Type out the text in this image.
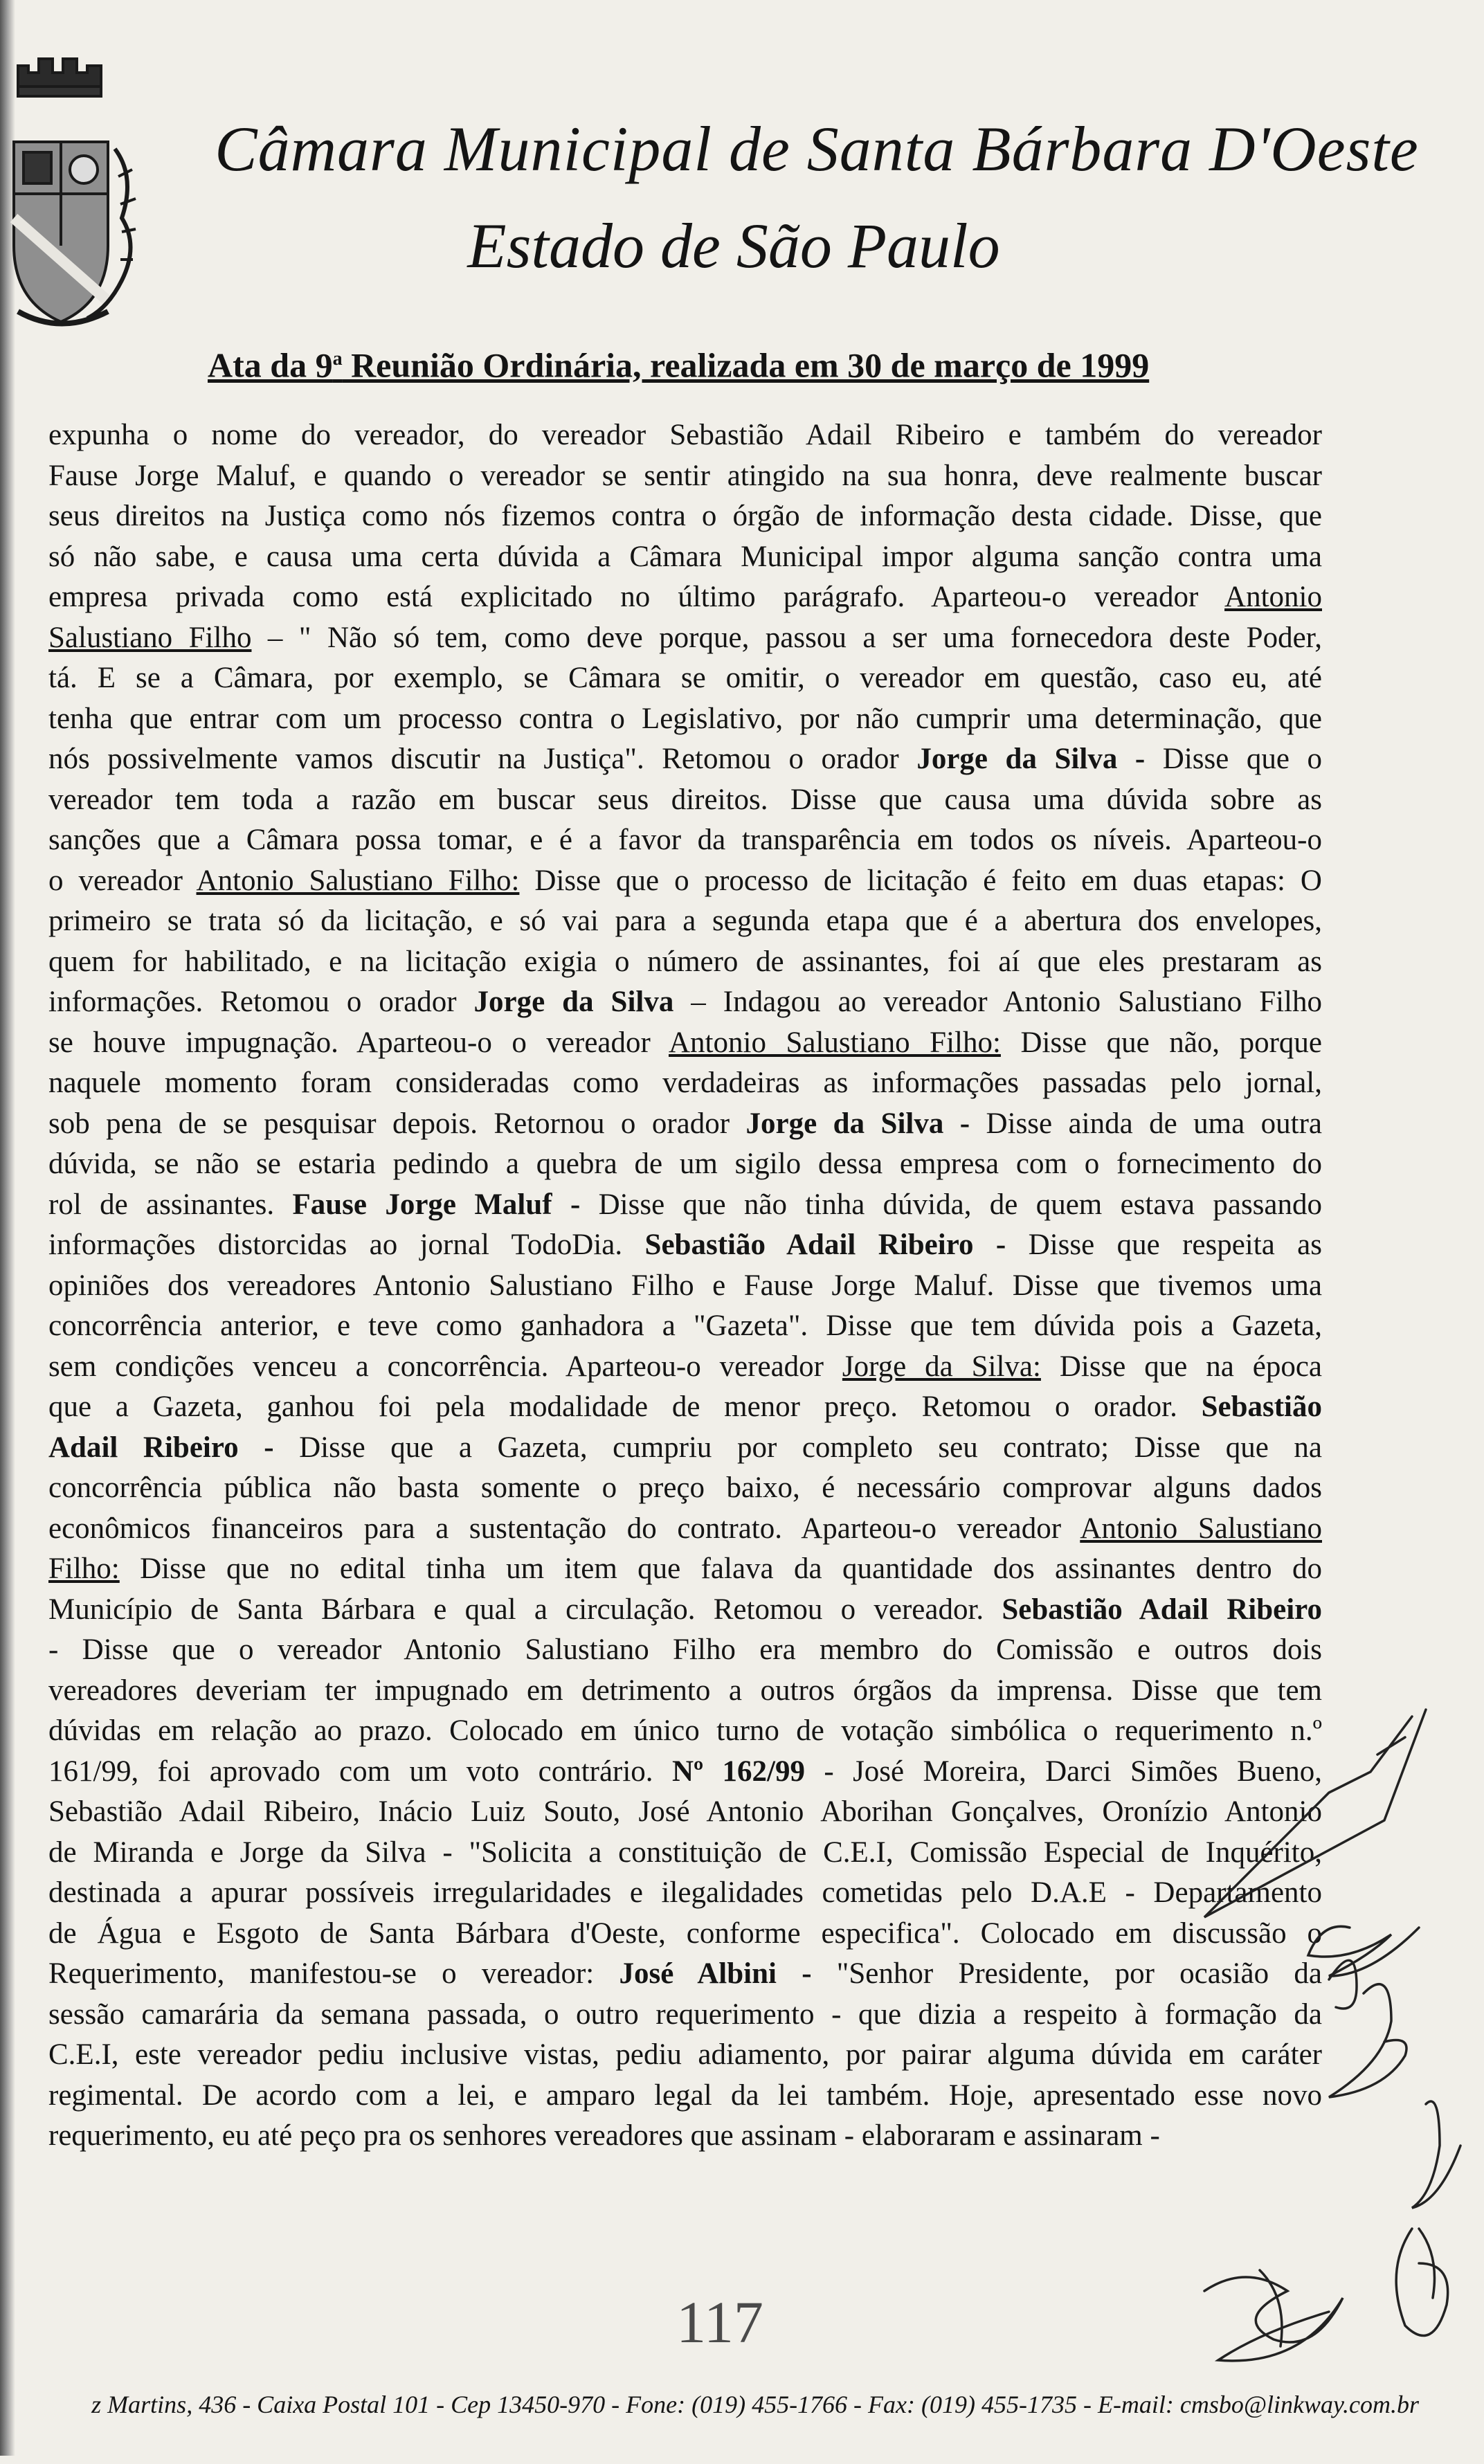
Câmara Municipal de Santa Bárbara D'Oeste
Estado de São Paulo
Ata da 9$^a$ Reunião Ordinária, realizada em 30 de março de 1999
expunha o nome do vereador, do vereador Sebastião Adail Ribeiro e também do vereador
Fause Jorge Maluf, e quando o vereador se sentir atingido na sua honra, deve realmente buscar
seus direitos na Justiça como nós fizemos contra o órgão de informação desta cidade. Disse, que
só não sabe, e causa uma certa dúvida a Câmara Municipal impor alguma sanção contra uma
empresa privada como está explicitado no último parágrafo. Aparteou-o vereador Antonio
Salustiano Filho – " Não só tem, como deve porque, passou a ser uma fornecedora deste Poder,
tá. E se a Câmara, por exemplo, se Câmara se omitir, o vereador em questão, caso eu, até
tenha que entrar com um processo contra o Legislativo, por não cumprir uma determinação, que
nós possivelmente vamos discutir na Justiça". Retomou o orador Jorge da Silva - Disse que o
vereador tem toda a razão em buscar seus direitos. Disse que causa uma dúvida sobre as
sanções que a Câmara possa tomar, e é a favor da transparência em todos os níveis. Aparteou-o
o vereador Antonio Salustiano Filho: Disse que o processo de licitação é feito em duas etapas: O
primeiro se trata só da licitação, e só vai para a segunda etapa que é a abertura dos envelopes,
quem for habilitado, e na licitação exigia o número de assinantes, foi aí que eles prestaram as
informações. Retomou o orador Jorge da Silva – Indagou ao vereador Antonio Salustiano Filho
se houve impugnação. Aparteou-o o vereador Antonio Salustiano Filho: Disse que não, porque
naquele momento foram consideradas como verdadeiras as informações passadas pelo jornal,
sob pena de se pesquisar depois. Retornou o orador Jorge da Silva - Disse ainda de uma outra
dúvida, se não se estaria pedindo a quebra de um sigilo dessa empresa com o fornecimento do
rol de assinantes. Fause Jorge Maluf - Disse que não tinha dúvida, de quem estava passando
informações distorcidas ao jornal TodoDia. Sebastião Adail Ribeiro - Disse que respeita as
opiniões dos vereadores Antonio Salustiano Filho e Fause Jorge Maluf. Disse que tivemos uma
concorrência anterior, e teve como ganhadora a "Gazeta". Disse que tem dúvida pois a Gazeta,
sem condições venceu a concorrência. Aparteou-o vereador Jorge da Silva: Disse que na época
que a Gazeta, ganhou foi pela modalidade de menor preço. Retomou o orador. Sebastião
Adail Ribeiro - Disse que a Gazeta, cumpriu por completo seu contrato; Disse que na
concorrência pública não basta somente o preço baixo, é necessário comprovar alguns dados
econômicos financeiros para a sustentação do contrato. Aparteou-o vereador Antonio Salustiano
Filho: Disse que no edital tinha um item que falava da quantidade dos assinantes dentro do
Município de Santa Bárbara e qual a circulação. Retomou o vereador. Sebastião Adail Ribeiro
- Disse que o vereador Antonio Salustiano Filho era membro do Comissão e outros dois
vereadores deveriam ter impugnado em detrimento a outros órgãos da imprensa. Disse que tem
dúvidas em relação ao prazo. Colocado em único turno de votação simbólica o requerimento n.º
161/99, foi aprovado com um voto contrário. Nº 162/99 - José Moreira, Darci Simões Bueno,
Sebastião Adail Ribeiro, Inácio Luiz Souto, José Antonio Aborihan Gonçalves, Oronízio Antonio
de Miranda e Jorge da Silva - "Solicita a constituição de C.E.I, Comissão Especial de Inquérito,
destinada a apurar possíveis irregularidades e ilegalidades cometidas pelo D.A.E - Departamento
de Água e Esgoto de Santa Bárbara d'Oeste, conforme especifica". Colocado em discussão o
Requerimento, manifestou-se o vereador: José Albini - "Senhor Presidente, por ocasião da
sessão camarária da semana passada, o outro requerimento - que dizia a respeito à formação da
C.E.I, este vereador pediu inclusive vistas, pediu adiamento, por pairar alguma dúvida em caráter
regimental. De acordo com a lei, e amparo legal da lei também. Hoje, apresentado esse novo
requerimento, eu até peço pra os senhores vereadores que assinam - elaboraram e assinaram -
117
z Martins, 436 - Caixa Postal 101 - Cep 13450-970 - Fone: (019) 455-1766 - Fax: (019) 455-1735 - E-mail: cmsbo@linkway.com.br
